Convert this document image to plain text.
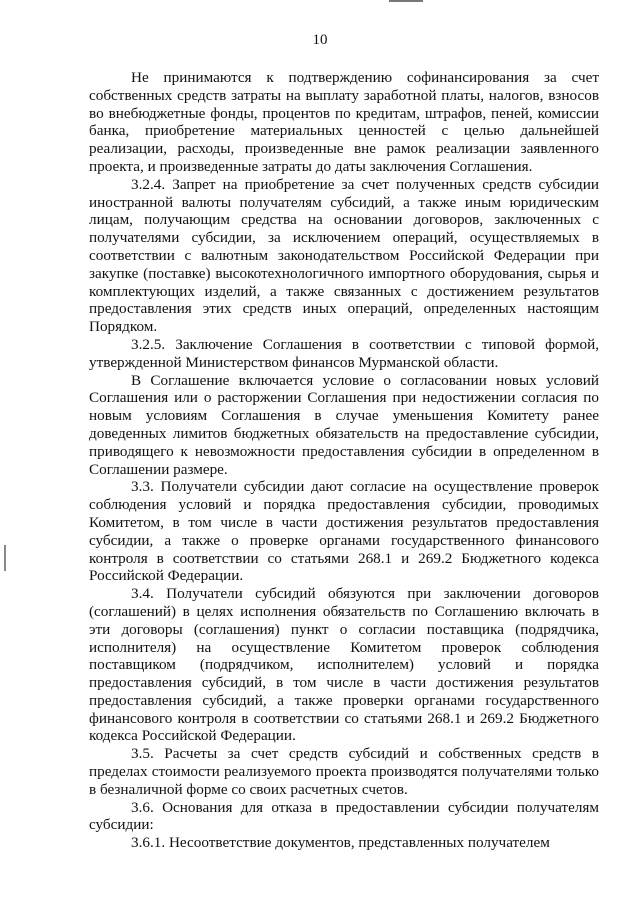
10

Не принимаются к подтверждению софинансирования за счет собственных средств затраты на выплату заработной платы, налогов, взносов во внебюджетные фонды, процентов по кредитам, штрафов, пеней, комиссии банка, приобретение материальных ценностей с целью дальнейшей реализации, расходы, произведенные вне рамок реализации заявленного проекта, и произведенные затраты до даты заключения Соглашения.

3.2.4. Запрет на приобретение за счет полученных средств субсидии иностранной валюты получателям субсидий, а также иным юридическим лицам, получающим средства на основании договоров, заключенных с получателями субсидии, за исключением операций, осуществляемых в соответствии с валютным законодательством Российской Федерации при закупке (поставке) высокотехнологичного импортного оборудования, сырья и комплектующих изделий, а также связанных с достижением результатов предоставления этих средств иных операций, определенных настоящим Порядком.

3.2.5. Заключение Соглашения в соответствии с типовой формой, утвержденной Министерством финансов Мурманской области.

В Соглашение включается условие о согласовании новых условий Соглашения или о расторжении Соглашения при недостижении согласия по новым условиям Соглашения в случае уменьшения Комитету ранее доведенных лимитов бюджетных обязательств на предоставление субсидии, приводящего к невозможности предоставления субсидии в определенном в Соглашении размере.

3.3. Получатели субсидии дают согласие на осуществление проверок соблюдения условий и порядка предоставления субсидии, проводимых Комитетом, в том числе в части достижения результатов предоставления субсидии, а также о проверке органами государственного финансового контроля в соответствии со статьями 268.1 и 269.2 Бюджетного кодекса Российской Федерации.

3.4. Получатели субсидий обязуются при заключении договоров (соглашений) в целях исполнения обязательств по Соглашению включать в эти договоры (соглашения) пункт о согласии поставщика (подрядчика, исполнителя) на осуществление Комитетом проверок соблюдения поставщиком (подрядчиком, исполнителем) условий и порядка предоставления субсидий, в том числе в части достижения результатов предоставления субсидий, а также проверки органами государственного финансового контроля в соответствии со статьями 268.1 и 269.2 Бюджетного кодекса Российской Федерации.

3.5. Расчеты за счет средств субсидий и собственных средств в пределах стоимости реализуемого проекта производятся получателями только в безналичной форме со своих расчетных счетов.

3.6. Основания для отказа в предоставлении субсидии получателям субсидии:

3.6.1. Несоответствие документов, представленных получателем
